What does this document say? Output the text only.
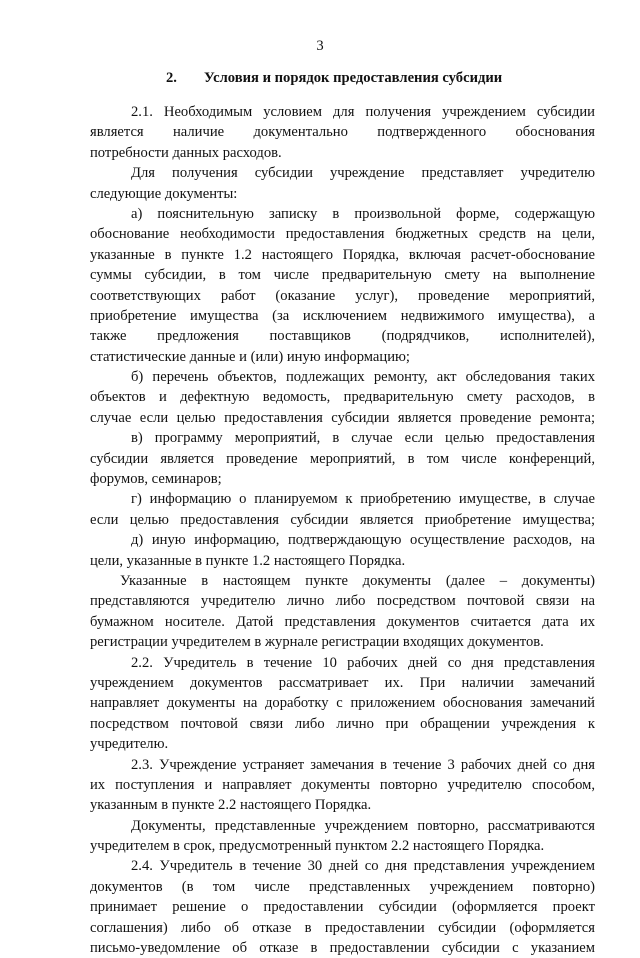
3
2. Условия и порядок предоставления субсидии
2.1. Необходимым условием для получения учреждением субсидии
является наличие документально подтвержденного обоснования
потребности данных расходов.
Для получения субсидии учреждение представляет учредителю
следующие документы:
а) пояснительную записку в произвольной форме, содержащую
обоснование необходимости предоставления бюджетных средств на цели,
указанные в пункте 1.2 настоящего Порядка, включая расчет-обоснование
суммы субсидии, в том числе предварительную смету на выполнение
соответствующих работ (оказание услуг), проведение мероприятий,
приобретение имущества (за исключением недвижимого имущества), а
также предложения поставщиков (подрядчиков, исполнителей),
статистические данные и (или) иную информацию;
б) перечень объектов, подлежащих ремонту, акт обследования таких
объектов и дефектную ведомость, предварительную смету расходов, в
случае если целью предоставления субсидии является проведение ремонта;
в) программу мероприятий, в случае если целью предоставления
субсидии является проведение мероприятий, в том числе конференций,
форумов, семинаров;
г) информацию о планируемом к приобретению имуществе, в случае
если целью предоставления субсидии является приобретение имущества;
д) иную информацию, подтверждающую осуществление расходов, на
цели, указанные в пункте 1.2 настоящего Порядка.
Указанные в настоящем пункте документы (далее – документы)
представляются учредителю лично либо посредством почтовой связи на
бумажном носителе. Датой представления документов считается дата их
регистрации учредителем в журнале регистрации входящих документов.
2.2. Учредитель в течение 10 рабочих дней со дня представления
учреждением документов рассматривает их. При наличии замечаний
направляет документы на доработку с приложением обоснования замечаний
посредством почтовой связи либо лично при обращении учреждения к
учредителю.
2.3. Учреждение устраняет замечания в течение 3 рабочих дней со дня
их поступления и направляет документы повторно учредителю способом,
указанным в пункте 2.2 настоящего Порядка.
Документы, представленные учреждением повторно, рассматриваются
учредителем в срок, предусмотренный пунктом 2.2 настоящего Порядка.
2.4. Учредитель в течение 30 дней со дня представления учреждением
документов (в том числе представленных учреждением повторно)
принимает решение о предоставлении субсидии (оформляется проект
соглашения) либо об отказе в предоставлении субсидии (оформляется
письмо-уведомление об отказе в предоставлении субсидии с указанием
